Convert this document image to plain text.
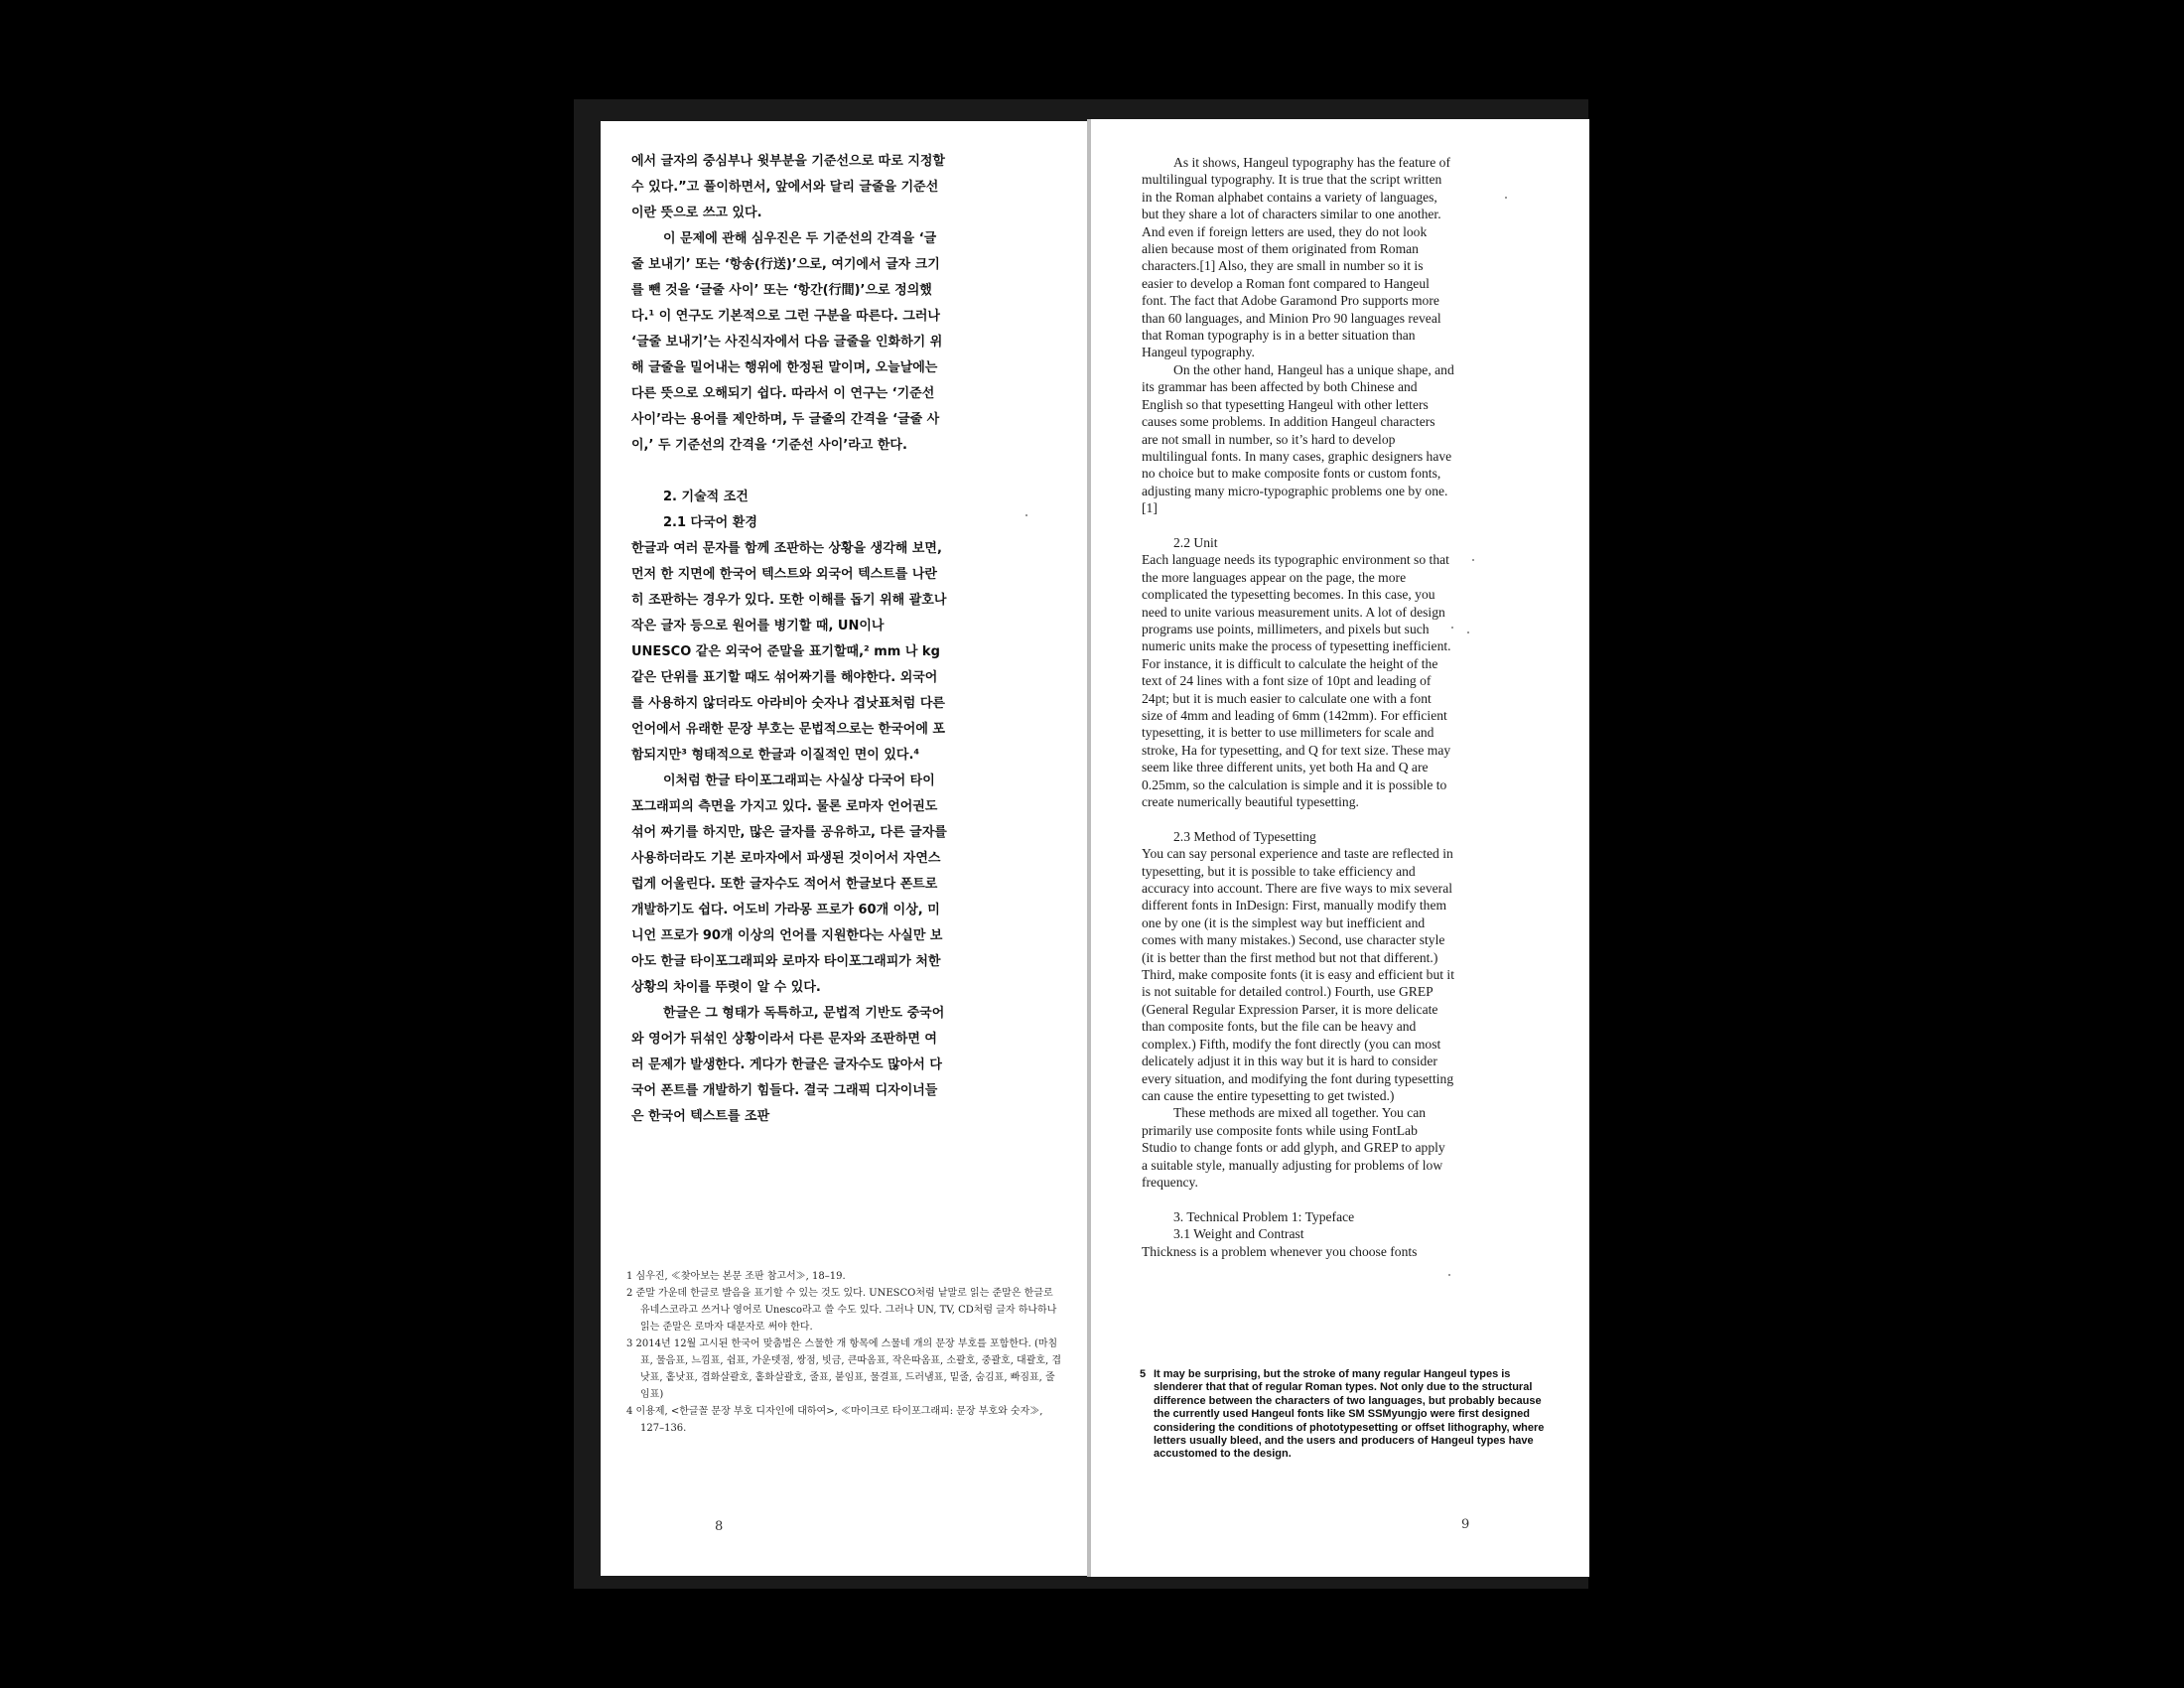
에서 글자의 중심부나 윗부분을 기준선으로 따로 지정할 수 있다.”고 풀이하면서, 앞에서와 달리 글줄을 기준선이란 뜻으로 쓰고 있다.

이 문제에 관해 심우진은 두 기준선의 간격을 ‘글줄 보내기’ 또는 ‘항송(行送)’으로, 여기에서 글자 크기를 뺀 것을 ‘글줄 사이’ 또는 ‘항간(行間)’으로 정의했다.¹ 이 연구도 기본적으로 그런 구분을 따른다. 그러나 ‘글줄 보내기’는 사진식자에서 다음 글줄을 인화하기 위해 글줄을 밀어내는 행위에 한정된 말이며, 오늘날에는 다른 뜻으로 오해되기 쉽다. 따라서 이 연구는 ‘기준선 사이’라는 용어를 제안하며, 두 글줄의 간격을 ‘글줄 사이,’ 두 기준선의 간격을 ‘기준선 사이’라고 한다.

2. 기술적 조건

2.1 다국어 환경

한글과 여러 문자를 함께 조판하는 상황을 생각해 보면, 먼저 한 지면에 한국어 텍스트와 외국어 텍스트를 나란히 조판하는 경우가 있다. 또한 이해를 돕기 위해 괄호나 작은 글자 등으로 원어를 병기할 때, UN이나 UNESCO 같은 외국어 준말을 표기할때,² mm 나 kg 같은 단위를 표기할 때도 섞어짜기를 해야한다. 외국어를 사용하지 않더라도 아라비아 숫자나 겹낫표처럼 다른 언어에서 유래한 문장 부호는 문법적으로는 한국어에 포함되지만³ 형태적으로 한글과 이질적인 면이 있다.⁴

이처럼 한글 타이포그래피는 사실상 다국어 타이포그래피의 측면을 가지고 있다. 물론 로마자 언어권도 섞어 짜기를 하지만, 많은 글자를 공유하고, 다른 글자를 사용하더라도 기본 로마자에서 파생된 것이어서 자연스럽게 어울린다. 또한 글자수도 적어서 한글보다 폰트로 개발하기도 쉽다. 어도비 가라몽 프로가 60개 이상, 미니언 프로가 90개 이상의 언어를 지원한다는 사실만 보아도 한글 타이포그래피와 로마자 타이포그래피가 처한 상황의 차이를 뚜렷이 알 수 있다.

한글은 그 형태가 독특하고, 문법적 기반도 중국어와 영어가 뒤섞인 상황이라서 다른 문자와 조판하면 여러 문제가 발생한다. 게다가 한글은 글자수도 많아서 다국어 폰트를 개발하기 힘들다. 결국 그래픽 디자이너들은 한국어 텍스트를 조판

1 심우진, ≪찾아보는 본문 조판 참고서≫, 18–19.

2 준말 가운데 한글로 발음을 표기할 수 있는 것도 있다. UNESCO처럼 낱말로 읽는 준말은 한글로 유네스코라고 쓰거나 영어로 Unesco라고 쓸 수도 있다. 그러나 UN, TV, CD처럼 글자 하나하나 읽는 준말은 로마자 대문자로 써야 한다.

3 2014년 12월 고시된 한국어 맞춤법은 스물한 개 항목에 스물네 개의 문장 부호를 포함한다. (마침표, 물음표, 느낌표, 쉼표, 가운뎃점, 쌍점, 빗금, 큰따옴표, 작은따옴표, 소괄호, 중괄호, 대괄호, 겹낫표, 홑낫표, 겹화살괄호, 홑화살괄호, 줄표, 붙임표, 물결표, 드러냄표, 밑줄, 숨김표, 빠짐표, 줄임표)

4 이용제, <한글꼴 문장 부호 디자인에 대하여>, ≪마이크로 타이포그래피: 문장 부호와 숫자≫, 127–136.

8

As it shows, Hangeul typography has the feature of multilingual typography. It is true that the script written in the Roman alphabet contains a variety of languages, but they share a lot of characters similar to one another. And even if foreign letters are used, they do not look alien because most of them originated from Roman characters.[1] Also, they are small in number so it is easier to develop a Roman font compared to Hangeul font. The fact that Adobe Garamond Pro supports more than 60 languages, and Minion Pro 90 languages reveal that Roman typography is in a better situation than Hangeul typography.

On the other hand, Hangeul has a unique shape, and its grammar has been affected by both Chinese and English so that typesetting Hangeul with other letters causes some problems. In addition Hangeul characters are not small in number, so it’s hard to develop multilingual fonts. In many cases, graphic designers have no choice but to make composite fonts or custom fonts, adjusting many micro-typographic problems one by one.[1]

2.2 Unit

Each language needs its typographic environment so that the more languages appear on the page, the more complicated the typesetting becomes. In this case, you need to unite various measurement units. A lot of design programs use points, millimeters, and pixels but such numeric units make the process of typesetting inefficient. For instance, it is difficult to calculate the height of the text of 24 lines with a font size of 10pt and leading of 24pt; but it is much easier to calculate one with a font size of 4mm and leading of 6mm (142mm). For efficient typesetting, it is better to use millimeters for scale and stroke, Ha for typesetting, and Q for text size. These may seem like three different units, yet both Ha and Q are 0.25mm, so the calculation is simple and it is possible to create numerically beautiful typesetting.

2.3 Method of Typesetting

You can say personal experience and taste are reflected in typesetting, but it is possible to take efficiency and accuracy into account. There are five ways to mix several different fonts in InDesign: First, manually modify them one by one (it is the simplest way but inefficient and comes with many mistakes.) Second, use character style (it is better than the first method but not that different.) Third, make composite fonts (it is easy and efficient but it is not suitable for detailed control.) Fourth, use GREP (General Regular Expression Parser, it is more delicate than composite fonts, but the file can be heavy and complex.) Fifth, modify the font directly (you can most delicately adjust it in this way but it is hard to consider every situation, and modifying the font during typesetting can cause the entire typesetting to get twisted.)

These methods are mixed all together. You can primarily use composite fonts while using FontLab Studio to change fonts or add glyph, and GREP to apply a suitable style, manually adjusting for problems of low frequency.

3. Technical Problem 1: Typeface

3.1 Weight and Contrast

Thickness is a problem whenever you choose fonts

5 It may be surprising, but the stroke of many regular Hangeul types is slenderer that that of regular Roman types. Not only due to the structural difference between the characters of two languages, but probably because the currently used Hangeul fonts like SM SSMyungjo were first designed considering the conditions of phototypesetting or offset lithography, where letters usually bleed, and the users and producers of Hangeul types have accustomed to the design.
9
